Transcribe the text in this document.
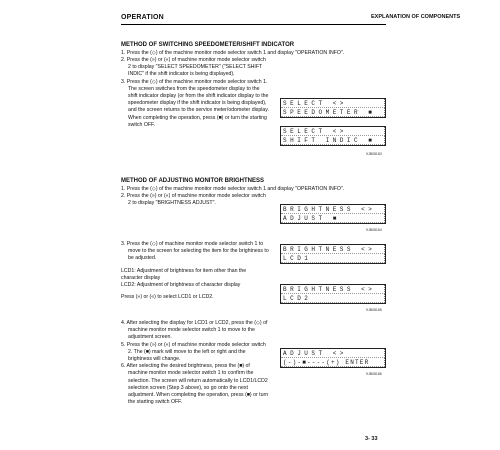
OPERATION	EXPLANATION OF COMPONENTS
METHOD OF SWITCHING SPEEDOMETER/SHIFT INDICATOR

1. Press the (◇) of the machine monitor mode selector switch 1 and display "OPERATION INFO".

2. Press the (») or («) of machine monitor mode selector switch 2 to display "SELECT SPEEDOMETER" ("SELECT SHIFT INDIC" if the shift indicator is being displayed).

3. Press the (◇) of the machine monitor mode selector switch 1. The screen switches from the speedometer display to the shift indicator display (or from the shift indicator display to the speedometer display if the shift indicator is being displayed), and the screen returns to the service meter/odometer display. When completing the operation, press (■) or turn the starting switch OFF.

SELECT <>
SPEEDOMETER ■
SELECT <>
SHIFT INDIC ■
9JB08183
METHOD OF ADJUSTING MONITOR BRIGHTNESS

1. Press the (◇) of the machine monitor mode selector switch 1 and display "OPERATION INFO".

2. Press the (») or («) of machine monitor mode selector switch 2 to display "BRIGHTNESS ADJUST".

BRIGHTNESS <>
ADJUST ■
9JB08184

3. Press the (◇) of machine monitor mode selector switch 1 to move to the screen for selecting the item for the brightness to be adjusted.

LCD1: Adjustment of brightness for item other than the character display

LCD2: Adjustment of brightness of character display

Press (») or («) to select LCD1 or LCD2.

BRIGHTNESS <>
LCD1
BRIGHTNESS <>
LCD2
9JB08185

4. After selecting the display for LCD1 or LCD2, press the (◇) of machine monitor mode selector switch 1 to move to the adjustment screen.

5. Press the (») or («) of machine monitor mode selector switch 2. The (■) mark will move to the left or right and the brightness will change.

6. After selecting the desired brightness, press the (■) of machine monitor mode selector switch 1 to confirm the selection. The screen will return automatically to LCD1/LCD2 selection screen (Step 3 above), so go onto the next adjustment. When completing the operation, press (■) or turn the starting switch OFF.

ADJUST <>
(-)-■----(+) ENTER
9JB08186
3- 33
